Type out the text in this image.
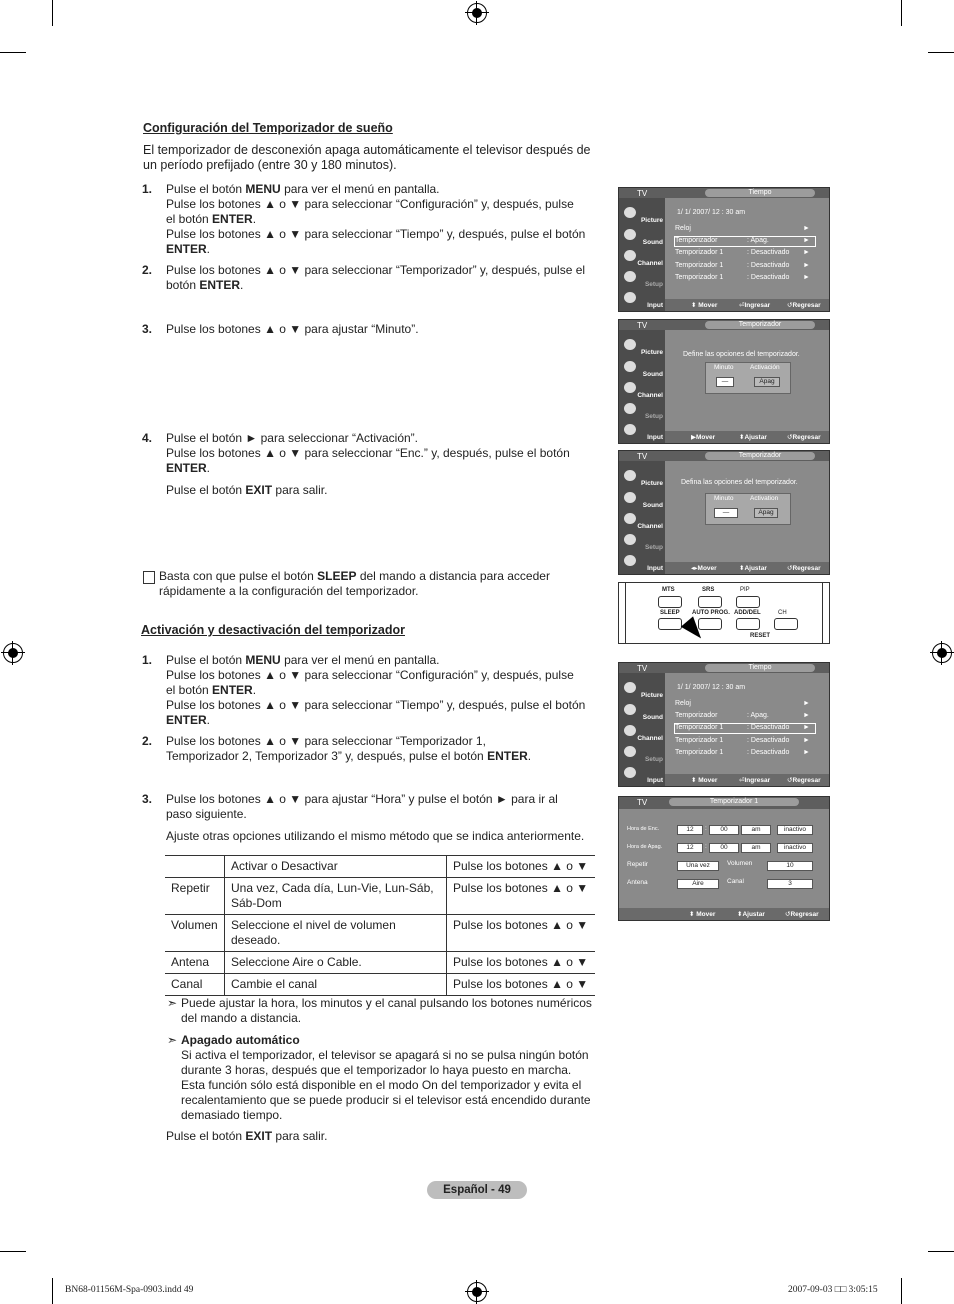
Configuración del Temporizador de sueño

El temporizador de desconexión apaga automáticamente el televisor después de un período prefijado (entre 30 y 180 minutos).

1. Pulse el botón MENU para ver el menú en pantalla.
Pulse los botones ▲ o ▼ para seleccionar “Configuración” y, después, pulse el botón ENTER.
Pulse los botones ▲ o ▼ para seleccionar “Tiempo” y, después, pulse el botón ENTER.
2. Pulse los botones ▲ o ▼ para seleccionar “Temporizador” y, después, pulse el botón ENTER.
3. Pulse los botones ▲ o ▼ para ajustar “Minuto”.
4. Pulse el botón ► para seleccionar “Activación”.
Pulse los botones ▲ o ▼ para seleccionar “Enc.” y, después, pulse el botón ENTER.
Pulse el botón EXIT para salir.
Basta con que pulse el botón SLEEP del mando a distancia para acceder rápidamente a la configuración del temporizador.
Activación y desactivación del temporizador
1. Pulse el botón MENU para ver el menú en pantalla.
Pulse los botones ▲ o ▼ para seleccionar “Configuración” y, después, pulse el botón ENTER.
Pulse los botones ▲ o ▼ para seleccionar “Tiempo” y, después, pulse el botón ENTER.
2. Pulse los botones ▲ o ▼ para seleccionar “Temporizador 1, Temporizador 2, Temporizador 3” y, después, pulse el botón ENTER.
3. Pulse los botones ▲ o ▼ para ajustar “Hora” y pulse el botón ► para ir al paso siguiente.
Ajuste otras opciones utilizando el mismo método que se indica anteriormente.
	Activar o Desactivar	Pulse los botones ▲ o ▼
Repetir	Una vez, Cada día, Lun-Vie, Lun-Sáb, Sáb-Dom	Pulse los botones ▲ o ▼
Volumen	Seleccione el nivel de volumen deseado.	Pulse los botones ▲ o ▼
Antena	Seleccione Aire o Cable.	Pulse los botones ▲ o ▼
Canal	Cambie el canal	Pulse los botones ▲ o ▼
➣ Puede ajustar la hora, los minutos y el canal pulsando los botones numéricos del mando a distancia.
➣ Apagado automático
Si activa el temporizador, el televisor se apagará si no se pulsa ningún botón durante 3 horas, después que el temporizador lo haya puesto en marcha. Esta función sólo está disponible en el modo On del temporizador y evita el recalentamiento que se puede producir si el televisor está encendido durante demasiado tiempo.
Pulse el botón EXIT para salir.
TV	Tiempo
Picture
Sound
Channel
Setup
Input
1/ 1/ 2007/ 12 : 30 am
Reloj	►
Temporizador	: Apag.	►
Temporizador 1	: Desactivado ►
Temporizador 1	: Desactivado ►
Temporizador 1	: Desactivado ►
⬍ Mover	⏎Ingresar	↺Regresar
TV	Temporizador
Picture
Sound
Channel
Setup
Input
Define las opciones del temporizador.
Minuto	Activación
—	Apag
▶Mover	⬍Ajustar	↺Regresar
TV	Temporizador
Picture
Sound
Channel
Setup
Input
Defina las opciones del temporizador.
Minuto	Activation
—	Apag
◂▸Mover	⬍Ajustar	↺Regresar
MTS	SRS	PIP
SLEEP AUTO PROG. ADD/DEL	CH
RESET
TV	Tiempo
Picture
Sound
Channel
Setup
Input
1/ 1/ 2007/ 12 : 30 am
Reloj	►
Temporizador	: Apag.	►
Temporizador 1	: Desactivado ►
Temporizador 1	: Desactivado ►
Temporizador 1	: Desactivado ►
⬍ Mover	⏎Ingresar	↺Regresar
TV	Temporizador 1
Hora de Enc.	12	:	00	am	inactivo
Hora de Apag.	12	:	00	am	inactivo
Repetir	Una vez	Volumen	10
Antena	Aire	Canal	3
⬍ Mover	⬍Ajustar	↺Regresar
Español - 49
BN68-01156M-Spa-0903.indd 49	2007-09-03 □□ 3:05:15
